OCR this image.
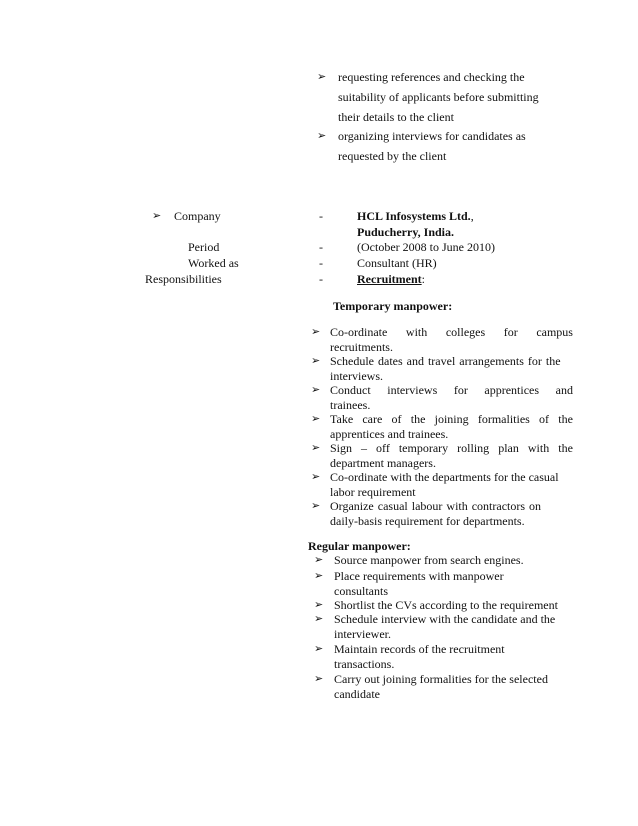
➢ requesting references and checking the
suitability of applicants before submitting
their details to the client
➢ organizing interviews for candidates as
requested by the client
➢ Company	-	HCL Infosystems Ltd.,
Puducherry, India.
Period	-	(October 2008 to June 2010)
Worked as	-	Consultant (HR)
Responsibilities	-	Recruitment:
Temporary manpower:
➢ Co-ordinate with colleges for campus
recruitments.
➢ Schedule dates and travel arrangements for the
interviews.
➢ Conduct interviews for apprentices and
trainees.
➢ Take care of the joining formalities of the
apprentices and trainees.
➢ Sign – off temporary rolling plan with the
department managers.
➢ Co-ordinate with the departments for the casual
labor requirement
➢ Organize casual labour with contractors on
daily-basis requirement for departments.
Regular manpower:
➢ Source manpower from search engines.
➢ Place requirements with manpower
consultants
➢ Shortlist the CVs according to the requirement
➢ Schedule interview with the candidate and the
interviewer.
➢ Maintain records of the recruitment
transactions.
➢ Carry out joining formalities for the selected
candidate
